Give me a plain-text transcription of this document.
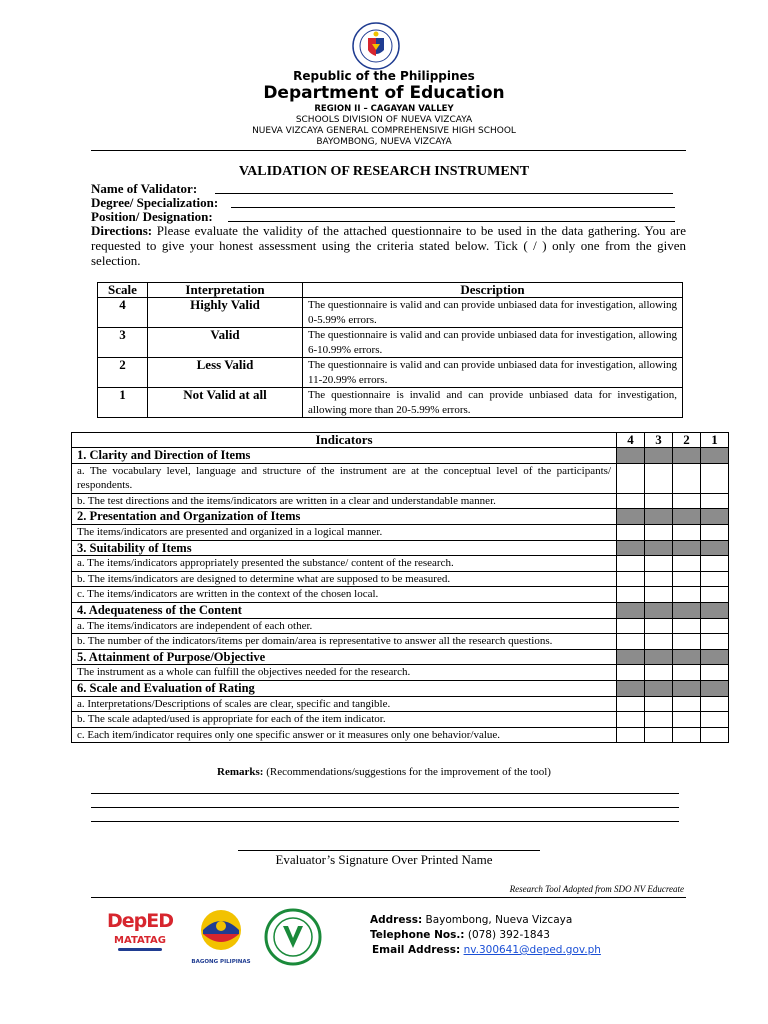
Republic of the Philippines
Department of Education
REGION II – CAGAYAN VALLEY
SCHOOLS DIVISION OF NUEVA VIZCAYA
NUEVA VIZCAYA GENERAL COMPREHENSIVE HIGH SCHOOL
BAYOMBONG, NUEVA VIZCAYA
VALIDATION OF RESEARCH INSTRUMENT
Name of Validator:
Degree/ Specialization:
Position/ Designation:
Directions: Please evaluate the validity of the attached questionnaire to be used in the data gathering. You are requested to give your honest assessment using the criteria stated below. Tick ( / ) only one from the given selection.
Scale	Interpretation	Description
4	Highly Valid	The questionnaire is valid and can provide unbiased data for investigation, allowing 0-5.99% errors.
3	Valid	The questionnaire is valid and can provide unbiased data for investigation, allowing 6-10.99% errors.
2	Less Valid	The questionnaire is valid and can provide unbiased data for investigation, allowing 11-20.99% errors.
1	Not Valid at all	The questionnaire is invalid and can provide unbiased data for investigation, allowing more than 20-5.99% errors.
Indicators	4	3	2	1
1. Clarity and Direction of Items				
a. The vocabulary level, language and structure of the instrument are at the conceptual level of the participants/ respondents.				
b. The test directions and the items/indicators are written in a clear and understandable manner.				
2. Presentation and Organization of Items				
The items/indicators are presented and organized in a logical manner.				
3. Suitability of Items				
a. The items/indicators appropriately presented the substance/ content of the research.				
b. The items/indicators are designed to determine what are supposed to be measured.				
c. The items/indicators are written in the context of the chosen local.				
4. Adequateness of the Content				
a. The items/indicators are independent of each other.				
b. The number of the indicators/items per domain/area is representative to answer all the research questions.				
5. Attainment of Purpose/Objective				
The instrument as a whole can fulfill the objectives needed for the research.				
6. Scale and Evaluation of Rating				
a. Interpretations/Descriptions of scales are clear, specific and tangible.				
b. The scale adapted/used is appropriate for each of the item indicator.				
c. Each item/indicator requires only one specific answer or it measures only one behavior/value.				
Remarks: (Recommendations/suggestions for the improvement of the tool)
Evaluator’s Signature Over Printed Name
Research Tool Adopted from SDO NV Educreate
DepED
MATATAG
BAGONG PILIPINAS
Address: Bayombong, Nueva Vizcaya
Telephone Nos.: (078) 392-1843
Email Address: nv.300641@deped.gov.ph
